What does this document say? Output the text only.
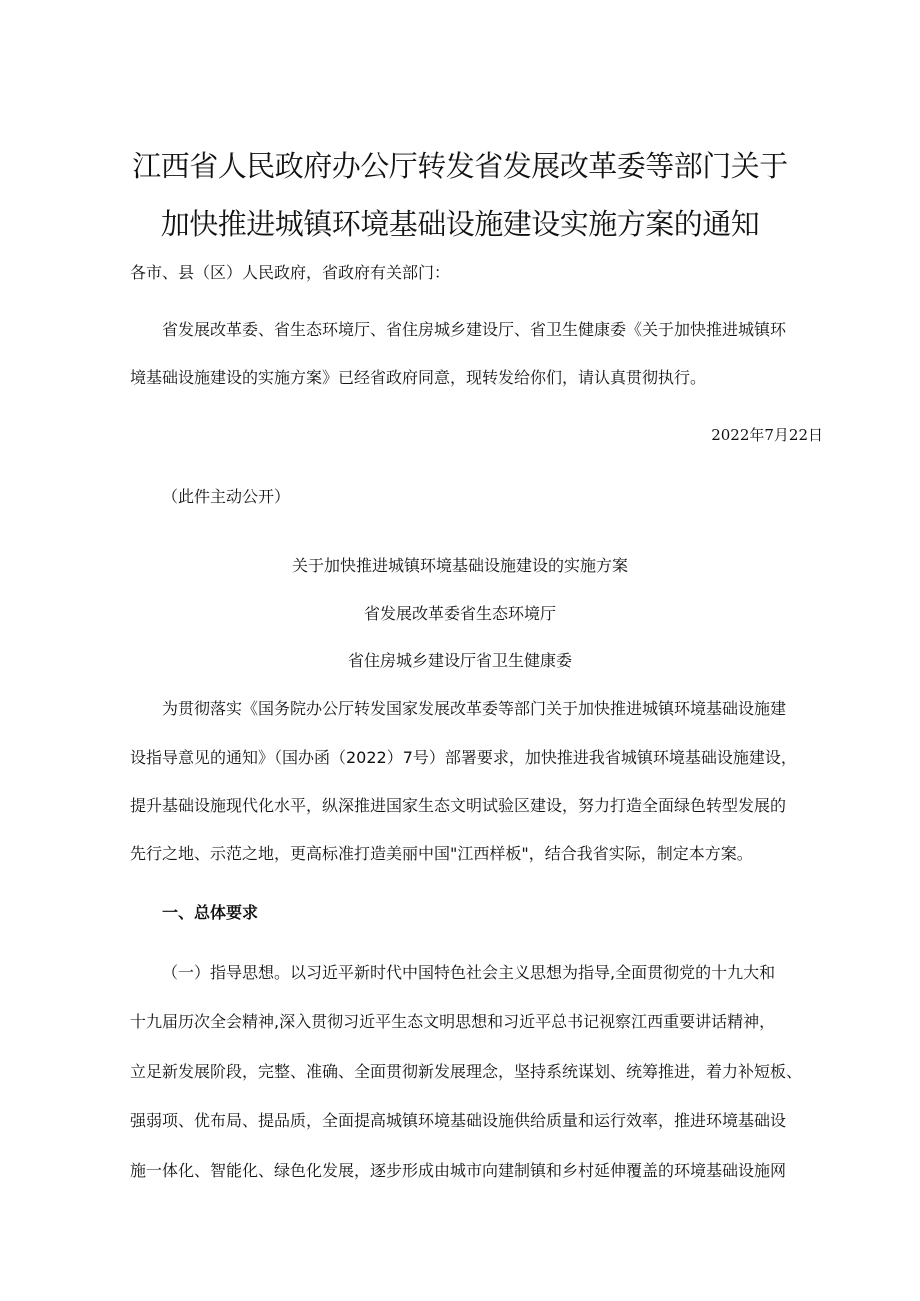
江西省人民政府办公厅转发省发展改革委等部门关于
加快推进城镇环境基础设施建设实施方案的通知
各市、县（区）人民政府，省政府有关部门：
省发展改革委、省生态环境厅、省住房城乡建设厅、省卫生健康委《关于加快推进城镇环
境基础设施建设的实施方案》已经省政府同意，现转发给你们，请认真贯彻执行。
2022年7月22日
（此件主动公开）
关于加快推进城镇环境基础设施建设的实施方案
省发展改革委省生态环境厅
省住房城乡建设厅省卫生健康委
为贯彻落实《国务院办公厅转发国家发展改革委等部门关于加快推进城镇环境基础设施建
设指导意见的通知》（国办函（2022）7号）部署要求，加快推进我省城镇环境基础设施建设，
提升基础设施现代化水平，纵深推进国家生态文明试验区建设，努力打造全面绿色转型发展的
先行之地、示范之地，更高标准打造美丽中国"江西样板"，结合我省实际，制定本方案。
一、总体要求
（一）指导思想。以习近平新时代中国特色社会主义思想为指导,全面贯彻党的十九大和
十九届历次全会精神,深入贯彻习近平生态文明思想和习近平总书记视察江西重要讲话精神，
立足新发展阶段，完整、准确、全面贯彻新发展理念，坚持系统谋划、统筹推进，着力补短板、
强弱项、优布局、提品质，全面提高城镇环境基础设施供给质量和运行效率，推进环境基础设
施一体化、智能化、绿色化发展，逐步形成由城市向建制镇和乡村延伸覆盖的环境基础设施网
